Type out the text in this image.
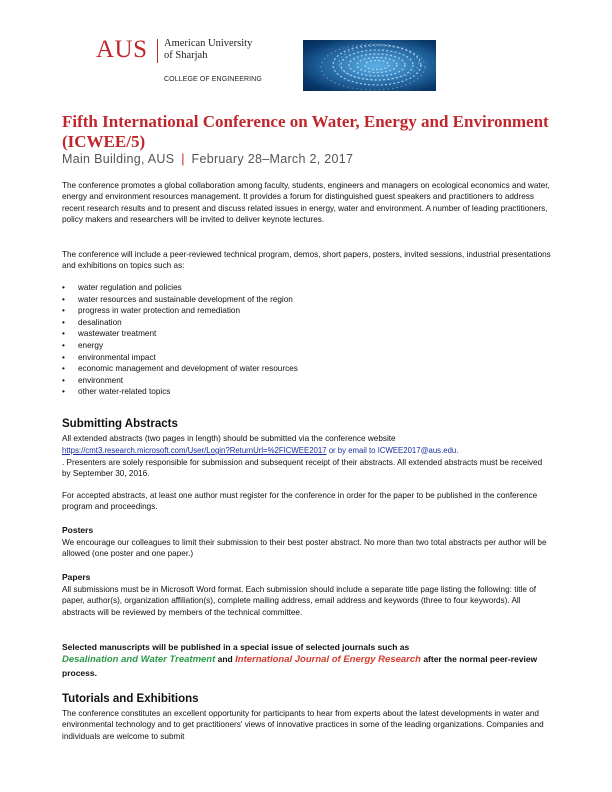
AUS American University
of Sharjah
COLLEGE OF ENGINEERING
Fifth International Conference on Water, Energy and Environment (ICWEE/5)
Main Building, AUS | February 28–March 2, 2017

The conference promotes a global collaboration among faculty, students, engineers and managers on ecological economics and water, energy and environment resources management. It provides a forum for distinguished guest speakers and practitioners to address recent research results and to present and discuss related issues in energy, water and environment. A number of leading practitioners, policy makers and researchers will be invited to deliver keynote lectures.

The conference will include a peer-reviewed technical program, demos, short papers, posters, invited sessions, industrial presentations and exhibitions on topics such as:

• water regulation and policies
• water resources and sustainable development of the region
• progress in water protection and remediation
• desalination
• wastewater treatment
• energy
• environmental impact
• economic management and development of water resources
• environment
• other water-related topics
Submitting Abstracts

All extended abstracts (two pages in length) should be submitted via the conference website

https://cmt3.research.microsoft.com/User/Login?ReturnUrl=%2FICWEE2017 or by email to ICWEE2017@aus.edu.

. Presenters are solely responsible for submission and subsequent receipt of their abstracts. All extended abstracts must be received by September 30, 2016.

For accepted abstracts, at least one author must register for the conference in order for the paper to be published in the conference program and proceedings.

Posters

We encourage our colleagues to limit their submission to their best poster abstract. No more than two total abstracts per author will be allowed (one poster and one paper.)

Papers

All submissions must be in Microsoft Word format. Each submission should include a separate title page listing the following: title of paper, author(s), organization affiliation(s), complete mailing address, email address and keywords (three to four keywords). All abstracts will be reviewed by members of the technical committee.

Selected manuscripts will be published in a special issue of selected journals such as
Desalination and Water Treatment and International Journal of Energy Research after the normal peer-review process.

Tutorials and Exhibitions

The conference constitutes an excellent opportunity for participants to hear from experts about the latest developments in water and environmental technology and to get practitioners' views of innovative practices in some of the leading organizations. Companies and individuals are welcome to submit
